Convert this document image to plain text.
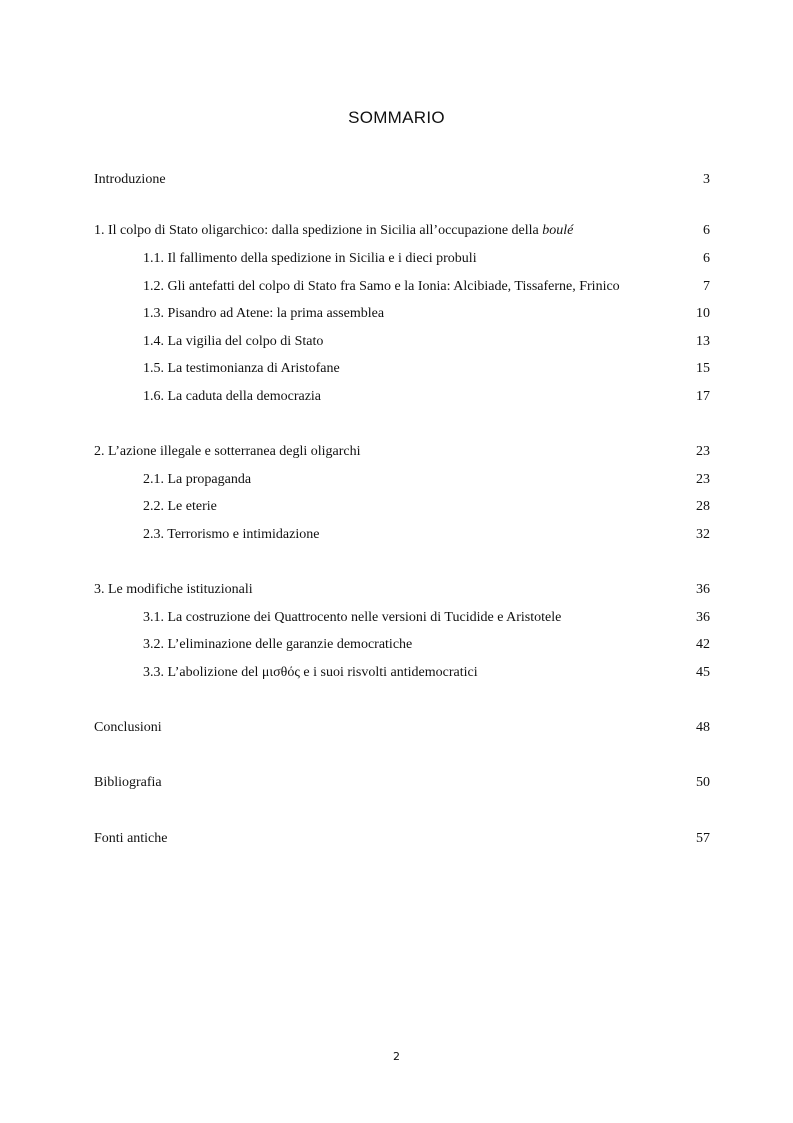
SOMMARIO
Introduzione	3
1. Il colpo di Stato oligarchico: dalla spedizione in Sicilia all’occupazione della boulé	6
1.1. Il fallimento della spedizione in Sicilia e i dieci probuli	6
1.2. Gli antefatti del colpo di Stato fra Samo e la Ionia: Alcibiade, Tissaferne, Frinico	7
1.3. Pisandro ad Atene: la prima assemblea	10
1.4. La vigilia del colpo di Stato	13
1.5. La testimonianza di Aristofane	15
1.6. La caduta della democrazia	17
2. L’azione illegale e sotterranea degli oligarchi	23
2.1. La propaganda	23
2.2. Le eterie	28
2.3. Terrorismo e intimidazione	32
3. Le modifiche istituzionali	36
3.1. La costruzione dei Quattrocento nelle versioni di Tucidide e Aristotele	36
3.2. L’eliminazione delle garanzie democratiche	42
3.3. L’abolizione del μισθός e i suoi risvolti antidemocratici	45
Conclusioni	48
Bibliografia	50
Fonti antiche	57
2
